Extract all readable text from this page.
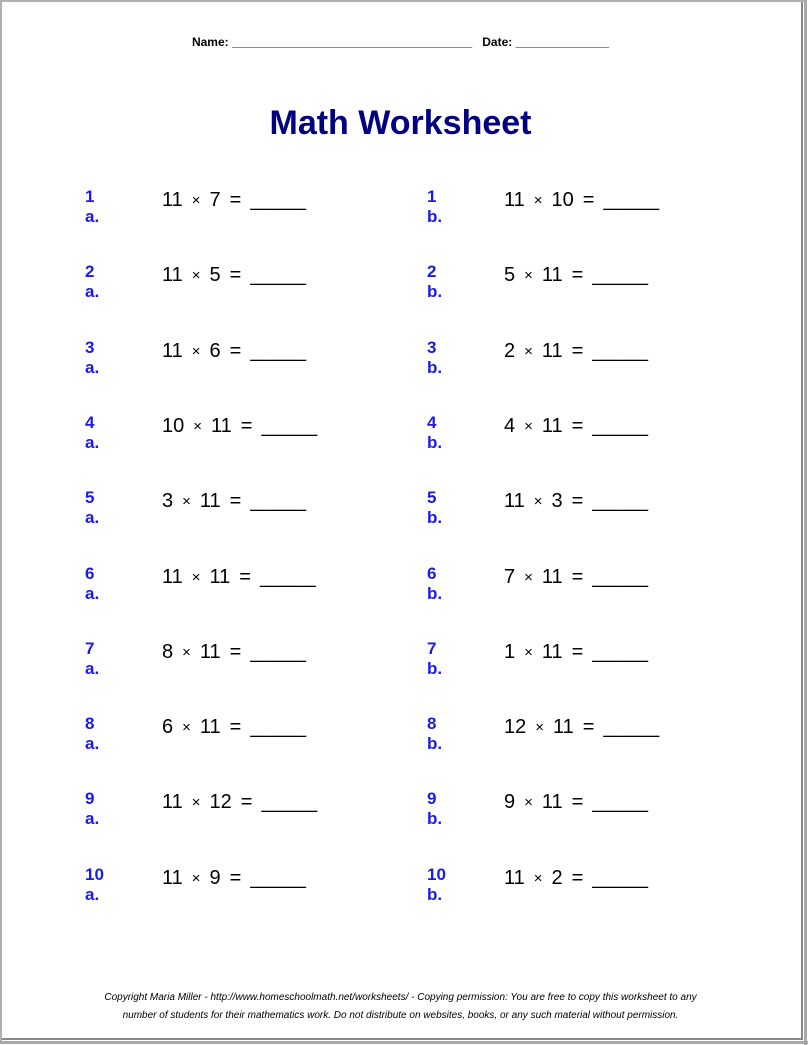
Name: ____________________________________ Date: ______________
Math Worksheet
1 a.
11 × 7 = _____	1 b.
11 × 10 = _____
2 a.
11 × 5 = _____	2 b.
5 × 11 = _____
3 a.
11 × 6 = _____	3 b.
2 × 11 = _____
4 a.
10 × 11 = _____	4 b.
4 × 11 = _____
5 a.
3 × 11 = _____	5 b.
11 × 3 = _____
6 a.
11 × 11 = _____	6 b.
7 × 11 = _____
7 a.
8 × 11 = _____	7 b.
1 × 11 = _____
8 a.
6 × 11 = _____	8 b.
12 × 11 = _____
9 a.
11 × 12 = _____	9 b.
9 × 11 = _____
10 a.
11 × 9 = _____	10 b.
11 × 2 = _____
Copyright Maria Miller - http://www.homeschoolmath.net/worksheets/ - Copying permission: You are free to copy this worksheet to any
number of students for their mathematics work. Do not distribute on websites, books, or any such material without permission.
